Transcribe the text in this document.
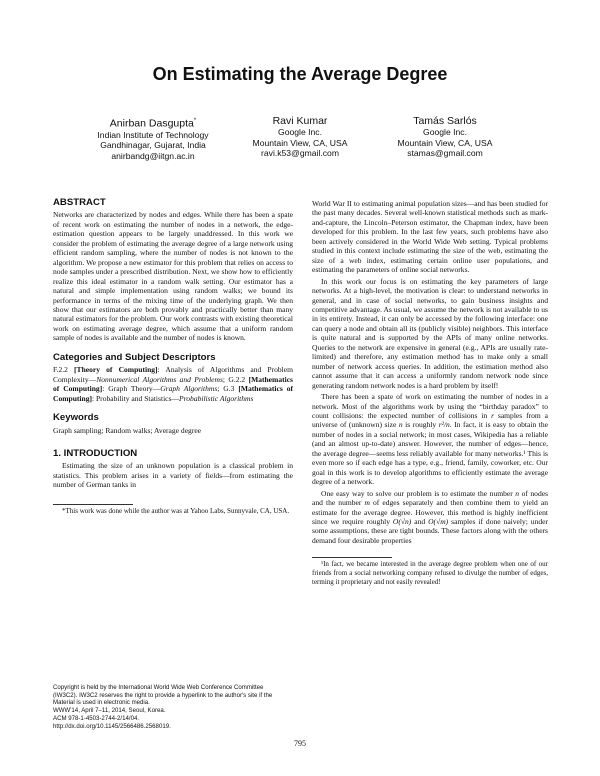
On Estimating the Average Degree
Anirban Dasgupta*
Indian Institute of Technology
Gandhinagar, Gujarat, India
anirbandg@iitgn.ac.in
Ravi Kumar
Google Inc.
Mountain View, CA, USA
ravi.k53@gmail.com
Tamás Sarlós
Google Inc.
Mountain View, CA, USA
stamas@gmail.com
ABSTRACT

Networks are characterized by nodes and edges. While there has been a spate of recent work on estimating the number of nodes in a network, the edge-estimation question appears to be largely unaddressed. In this work we consider the problem of estimating the average degree of a large network using efficient random sampling, where the number of nodes is not known to the algorithm. We propose a new estimator for this problem that relies on access to node samples under a prescribed distribution. Next, we show how to efficiently realize this ideal estimator in a random walk setting. Our estimator has a natural and simple implementation using random walks; we bound its performance in terms of the mixing time of the underlying graph. We then show that our estimators are both provably and practically better than many natural estimators for the problem. Our work contrasts with existing theoretical work on estimating average degree, which assume that a uniform random sample of nodes is available and the number of nodes is known.

Categories and Subject Descriptors

F.2.2 [Theory of Computing]: Analysis of Algorithms and Problem Complexity—Nonnumerical Algorithms and Problems; G.2.2 [Mathematics of Computing]: Graph Theory—Graph Algorithms; G.3 [Mathematics of Computing]: Probability and Statistics—Probabilistic Algorithms

Keywords

Graph sampling; Random walks; Average degree

1. INTRODUCTION

Estimating the size of an unknown population is a classical problem in statistics. This problem arises in a variety of fields—from estimating the number of German tanks in

*This work was done while the author was at Yahoo Labs, Sunnyvale, CA, USA.

Copyright is held by the International World Wide Web Conference Committee (IW3C2). IW3C2 reserves the right to provide a hyperlink to the author's site if the Material is used in electronic media.
WWW'14, April 7–11, 2014, Seoul, Korea.
ACM 978-1-4503-2744-2/14/04.
http://dx.doi.org/10.1145/2566486.2568019.

World War II to estimating animal population sizes—and has been studied for the past many decades. Several well-known statistical methods such as mark-and-capture, the Lincoln–Peterson estimator, the Chapman index, have been developed for this problem. In the last few years, such problems have also been actively considered in the World Wide Web setting. Typical problems studied in this context include estimating the size of the web, estimating the size of a web index, estimating certain online user populations, and estimating the parameters of online social networks.

In this work our focus is on estimating the key parameters of large networks. At a high-level, the motivation is clear: to understand networks in general, and in case of social networks, to gain business insights and competitive advantage. As usual, we assume the network is not available to us in its entirety. Instead, it can only be accessed by the following interface: one can query a node and obtain all its (publicly visible) neighbors. This interface is quite natural and is supported by the APIs of many online networks. Queries to the network are expensive in general (e.g., APIs are usually rate-limited) and therefore, any estimation method has to make only a small number of network access queries. In addition, the estimation method also cannot assume that it can access a uniformly random network node since generating random network nodes is a hard problem by itself!

There has been a spate of work on estimating the number of nodes in a network. Most of the algorithms work by using the “birthday paradox” to count collisions: the expected number of collisions in r samples from a universe of (unknown) size n is roughly r²/n. In fact, it is easy to obtain the number of nodes in a social network; in most cases, Wikipedia has a reliable (and an almost up-to-date) answer. However, the number of edges—hence, the average degree—seems less reliably available for many networks.¹ This is even more so if each edge has a type, e.g., friend, family, coworker, etc. Our goal in this work is to develop algorithms to efficiently estimate the average degree of a network.

One easy way to solve our problem is to estimate the number n of nodes and the number m of edges separately and then combine them to yield an estimate for the average degree. However, this method is highly inefficient since we require roughly O(√n) and O(√m) samples if done naively; under some assumptions, these are tight bounds. These factors along with the others demand four desirable properties

¹In fact, we became interested in the average degree problem when one of our friends from a social networking company refused to divulge the number of edges, terming it proprietary and not easily revealed!

795
